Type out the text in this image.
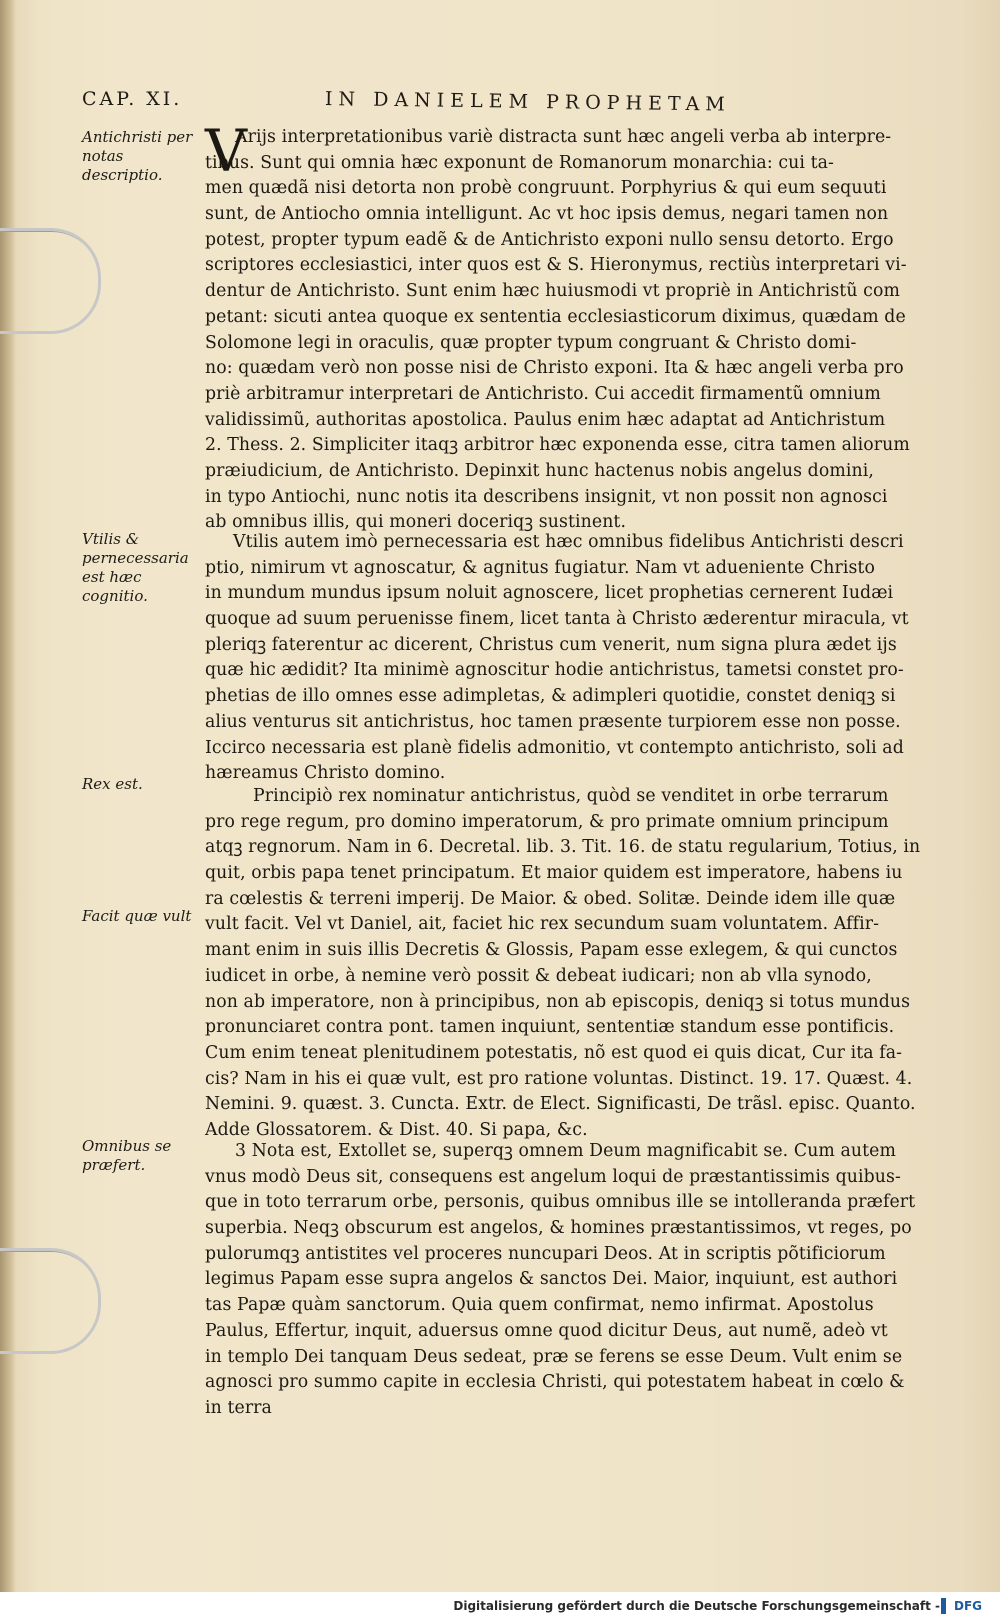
CAP. XI.	IN DANIELEM PROPHETAM
Antichristi per notas descriptio.
Vtilis & pernecessaria est hæc cognitio.
Rex est.
Facit quæ vult
Omnibus se præfert.
V
Arijs interpretationibus variè distracta sunt hæc angeli verba ab interpre-
tibus. Sunt qui omnia hæc exponunt de Romanorum monarchia: cui ta-
men quædã nisi detorta non probè congruunt. Porphyrius & qui eum sequuti
sunt, de Antiocho omnia intelligunt. Ac vt hoc ipsis demus, negari tamen non
potest, propter typum eadẽ & de Antichristo exponi nullo sensu detorto. Ergo
scriptores ecclesiastici, inter quos est & S. Hieronymus, rectiùs interpretari vi-
dentur de Antichristo. Sunt enim hæc huiusmodi vt propriè in Antichristũ com
petant: sicuti antea quoque ex sententia ecclesiasticorum diximus, quædam de
Solomone legi in oraculis, quæ propter typum congruant & Christo domi-
no: quædam verò non posse nisi de Christo exponi. Ita & hæc angeli verba pro
priè arbitramur interpretari de Antichristo. Cui accedit firmamentũ omnium
validissimũ, authoritas apostolica. Paulus enim hæc adaptat ad Antichristum
2. Thess. 2. Simpliciter itaqꝫ arbitror hæc exponenda esse, citra tamen aliorum
præiudicium, de Antichristo. Depinxit hunc hactenus nobis angelus domini,
in typo Antiochi, nunc notis ita describens insignit, vt non possit non agnosci
ab omnibus illis, qui moneri doceriqꝫ sustinent.
Vtilis autem imò pernecessaria est hæc omnibus fidelibus Antichristi descri
ptio, nimirum vt agnoscatur, & agnitus fugiatur. Nam vt adueniente Christo
in mundum mundus ipsum noluit agnoscere, licet prophetias cernerent Iudæi
quoque ad suum peruenisse finem, licet tanta à Christo æderentur miracula, vt
pleriqꝫ faterentur ac dicerent, Christus cum venerit, num signa plura ædet ijs
quæ hic ædidit? Ita minimè agnoscitur hodie antichristus, tametsi constet pro-
phetias de illo omnes esse adimpletas, & adimpleri quotidie, constet deniqꝫ si
alius venturus sit antichristus, hoc tamen præsente turpiorem esse non posse.
Iccirco necessaria est planè fidelis admonitio, vt contempto antichristo, soli ad
hæreamus Christo domino.
Principiò rex nominatur antichristus, quòd se venditet in orbe terrarum
pro rege regum, pro domino imperatorum, & pro primate omnium principum
atqꝫ regnorum. Nam in 6. Decretal. lib. 3. Tit. 16. de statu regularium, Totius, in
quit, orbis papa tenet principatum. Et maior quidem est imperatore, habens iu
ra cœlestis & terreni imperij. De Maior. & obed. Solitæ. Deinde idem ille quæ
vult facit. Vel vt Daniel, ait, faciet hic rex secundum suam voluntatem. Affir-
mant enim in suis illis Decretis & Glossis, Papam esse exlegem, & qui cunctos
iudicet in orbe, à nemine verò possit & debeat iudicari; non ab vlla synodo,
non ab imperatore, non à principibus, non ab episcopis, deniqꝫ si totus mundus
pronunciaret contra pont. tamen inquiunt, sententiæ standum esse pontificis.
Cum enim teneat plenitudinem potestatis, nõ est quod ei quis dicat, Cur ita fa-
cis? Nam in his ei quæ vult, est pro ratione voluntas. Distinct. 19. 17. Quæst. 4.
Nemini. 9. quæst. 3. Cuncta. Extr. de Elect. Significasti, De trãsl. episc. Quanto.
Adde Glossatorem. & Dist. 40. Si papa, &c.
3 Nota est, Extollet se, superqꝫ omnem Deum magnificabit se. Cum autem
vnus modò Deus sit, consequens est angelum loqui de præstantissimis quibus-
que in toto terrarum orbe, personis, quibus omnibus ille se intolleranda præfert
superbia. Neqꝫ obscurum est angelos, & homines præstantissimos, vt reges, po
pulorumqꝫ antistites vel proceres nuncupari Deos. At in scriptis põtificiorum
legimus Papam esse supra angelos & sanctos Dei. Maior, inquiunt, est authori
tas Papæ quàm sanctorum. Quia quem confirmat, nemo infirmat. Apostolus
Paulus, Effertur, inquit, aduersus omne quod dicitur Deus, aut numẽ, adeò vt
in templo Dei tanquam Deus sedeat, præ se ferens se esse Deum. Vult enim se
agnosci pro summo capite in ecclesia Christi, qui potestatem habeat in cœlo &
in terra
Digitalisierung gefördert durch die Deutsche Forschungsgemeinschaft -	DFG
